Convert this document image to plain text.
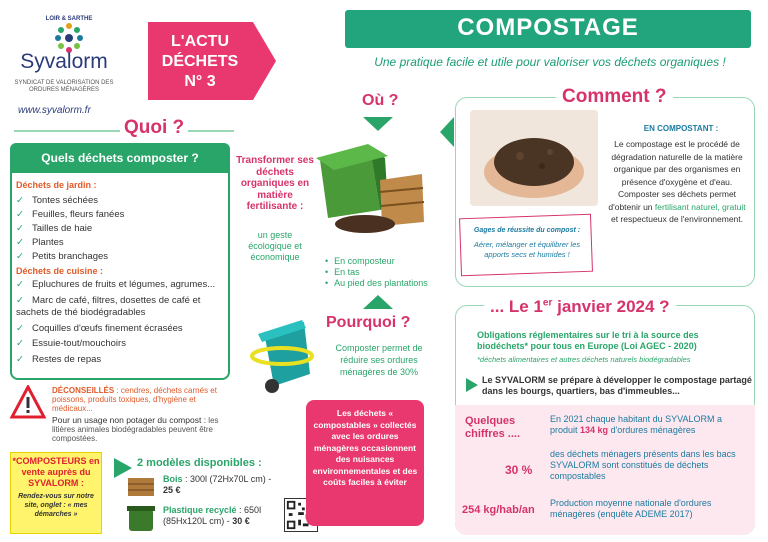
LOIR & SARTHE
Syvalorm
SYNDICAT DE VALORISATION DES ORDURES MÉNAGÈRES
www.syvalorm.fr
L'ACTU
DÉCHETS
N° 3
COMPOSTAGE
Une pratique facile et utile pour valoriser vos déchets organiques !
Quoi ?
Quels déchets composter ?
Déchets de jardin :
✓ Tontes séchées
✓ Feuilles, fleurs fanées
✓ Tailles de haie
✓ Plantes
✓ Petits branchages
Déchets de cuisine :
✓ Epluchures de fruits et légumes, agrumes...
✓ Marc de café, filtres, dosettes de café et sachets de thé biodégradables
✓ Coquilles d'œufs finement écrasées
✓ Essuie-tout/mouchoirs
✓ Restes de repas
DÉCONSEILLÉS : cendres, déchets carnés et poissons, produits toxiques, d'hygiène et médicaux...
Pour un usage non potager du compost : les litières animales biodégradables peuvent être compostées.
*COMPOSTEURS en vente auprès du SYVALORM :
Rendez-vous sur notre site, onglet : « mes démarches »
2 modèles disponibles :
Bois : 300l (72Hx70L cm) - 25 €
Plastique recyclé : 650l (85Hx120L cm) - 30 €
Transformer ses déchets organiques en matière fertilisante :
un geste écologique et économique
Où ?
• En composteur
• En tas
• Au pied des plantations
Pourquoi ?
Composter permet de réduire ses ordures ménagères de 30%
Les déchets « compostables » collectés avec les ordures ménagères occasionnent des nuisances environnementales et des coûts faciles à éviter
Comment ?
Gages de réussite du compost :
Aérer, mélanger et équilibrer les apports secs et humides !
EN COMPOSTANT :
Le compostage est le procédé de dégradation naturelle de la matière organique par des organismes en présence d'oxygène et d'eau. Composter ses déchets permet d'obtenir un fertilisant naturel, gratuit et respectueux de l'environnement.
... Le 1er janvier 2024 ?
Obligations réglementaires sur le tri à la source des biodéchets* pour tous en Europe (Loi AGEC - 2020)
*déchets alimentaires et autres déchets naturels biodégradables
Le SYVALORM se prépare à développer le compostage partagé dans les bourgs, quartiers, bas d'immeubles...
Quelques chiffres ....
En 2021 chaque habitant du SYVALORM a produit 134 kg d'ordures ménagères
30 %
des déchets ménagers présents dans les bacs SYVALORM sont constitués de déchets compostables
254 kg/hab/an
Production moyenne nationale d'ordures ménagères (enquête ADEME 2017)
